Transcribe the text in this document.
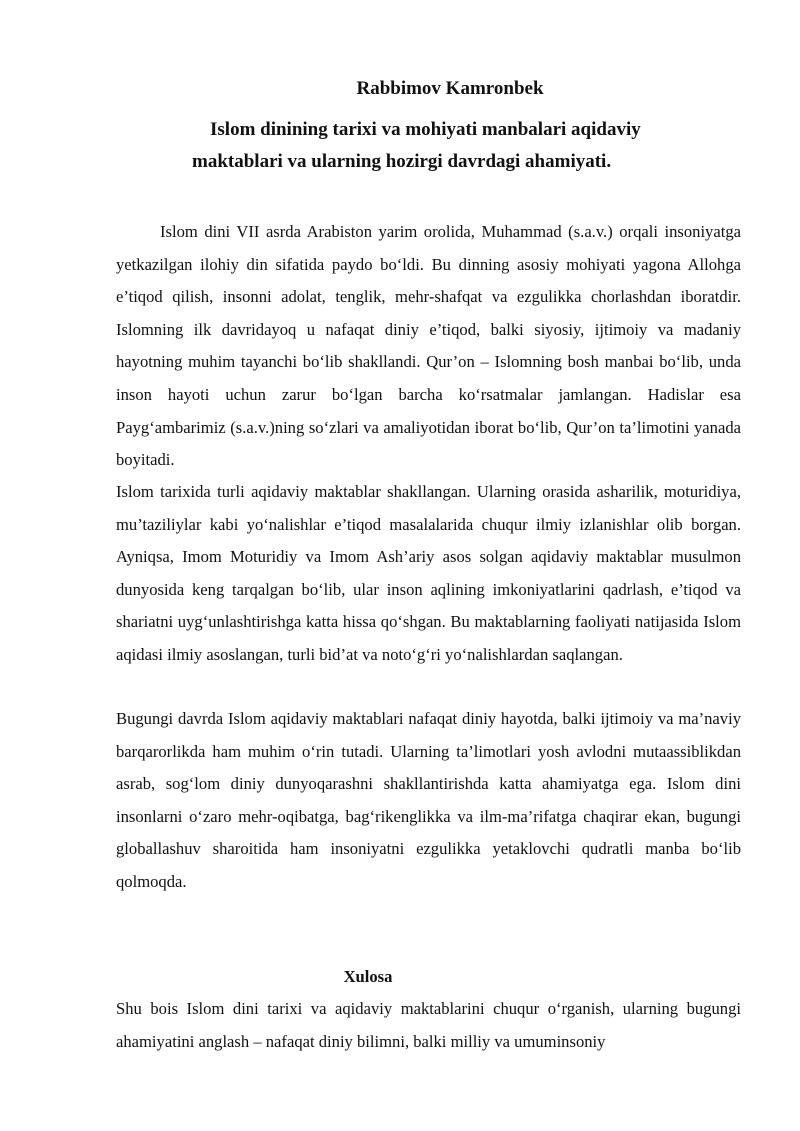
Rabbimov Kamronbek
Islom dinining tarixi va mohiyati manbalari aqidaviy
maktablari va ularning hozirgi davrdagi ahamiyati.

Islom dini VII asrda Arabiston yarim orolida, Muhammad (s.a.v.) orqali insoniyatga yetkazilgan ilohiy din sifatida paydo bo‘ldi. Bu dinning asosiy mohiyati yagona Allohga e’tiqod qilish, insonni adolat, tenglik, mehr-shafqat va ezgulikka chorlashdan iboratdir. Islomning ilk davridayoq u nafaqat diniy e’tiqod, balki siyosiy, ijtimoiy va madaniy hayotning muhim tayanchi bo‘lib shakllandi. Qur’on – Islomning bosh manbai bo‘lib, unda inson hayoti uchun zarur bo‘lgan barcha ko‘rsatmalar jamlangan. Hadislar esa Payg‘ambarimiz (s.a.v.)ning so‘zlari va amaliyotidan iborat bo‘lib, Qur’on ta’limotini yanada boyitadi.

Islom tarixida turli aqidaviy maktablar shakllangan. Ularning orasida asharilik, moturidiya, mu’taziliylar kabi yo‘nalishlar e’tiqod masalalarida chuqur ilmiy izlanishlar olib borgan. Ayniqsa, Imom Moturidiy va Imom Ash’ariy asos solgan aqidaviy maktablar musulmon dunyosida keng tarqalgan bo‘lib, ular inson aqlining imkoniyatlarini qadrlash, e’tiqod va shariatni uyg‘unlashtirishga katta hissa qo‘shgan. Bu maktablarning faoliyati natijasida Islom aqidasi ilmiy asoslangan, turli bid’at va noto‘g‘ri yo‘nalishlardan saqlangan.

Bugungi davrda Islom aqidaviy maktablari nafaqat diniy hayotda, balki ijtimoiy va ma’naviy barqarorlikda ham muhim o‘rin tutadi. Ularning ta’limotlari yosh avlodni mutaassiblikdan asrab, sog‘lom diniy dunyoqarashni shakllantirishda katta ahamiyatga ega. Islom dini insonlarni o‘zaro mehr-oqibatga, bag‘rikenglikka va ilm-ma’rifatga chaqirar ekan, bugungi globallashuv sharoitida ham insoniyatni ezgulikka yetaklovchi qudratli manba bo‘lib qolmoqda.

Xulosa

Shu bois Islom dini tarixi va aqidaviy maktablarini chuqur o‘rganish, ularning bugungi ahamiyatini anglash – nafaqat diniy bilimni, balki milliy va umuminsoniy
